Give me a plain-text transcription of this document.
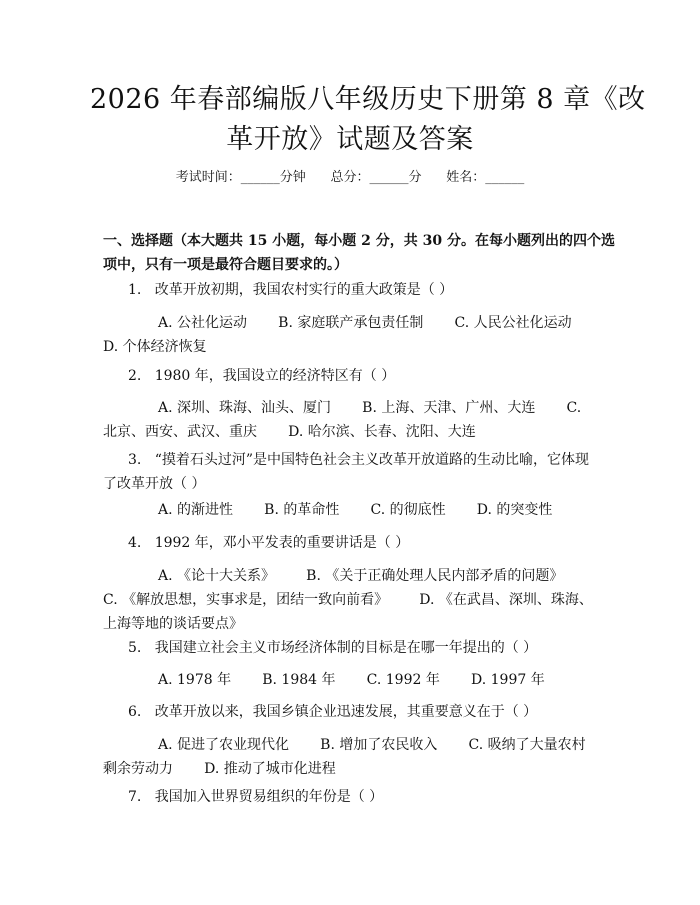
2026 年春部编版八年级历史下册第 8 章《改
革开放》试题及答案
考试时间：______分钟      总分：______分      姓名：______
一、选择题（本大题共 15 小题，每小题 2 分，共 30 分。在每小题列出的四个选
项中，只有一项是最符合题目要求的。）
1.   改革开放初期，我国农村实行的重大政策是（ ）
A. 公社化运动       B. 家庭联产承包责任制       C. 人民公社化运动
D. 个体经济恢复
2.   1980 年，我国设立的经济特区有（ ）
A. 深圳、珠海、汕头、厦门       B. 上海、天津、广州、大连       C.
北京、西安、武汉、重庆       D. 哈尔滨、长春、沈阳、大连
3.   “摸着石头过河”是中国特色社会主义改革开放道路的生动比喻，它体现
了改革开放（ ）
A. 的渐进性       B. 的革命性       C. 的彻底性       D. 的突变性
4.   1992 年，邓小平发表的重要讲话是（ ）
A. 《论十大关系》       B. 《关于正确处理人民内部矛盾的问题》
C. 《解放思想，实事求是，团结一致向前看》       D. 《在武昌、深圳、珠海、
上海等地的谈话要点》
5.   我国建立社会主义市场经济体制的目标是在哪一年提出的（ ）
A. 1978 年       B. 1984 年       C. 1992 年       D. 1997 年
6.   改革开放以来，我国乡镇企业迅速发展，其重要意义在于（ ）
A. 促进了农业现代化       B. 增加了农民收入       C. 吸纳了大量农村
剩余劳动力       D. 推动了城市化进程
7.   我国加入世界贸易组织的年份是（ ）
